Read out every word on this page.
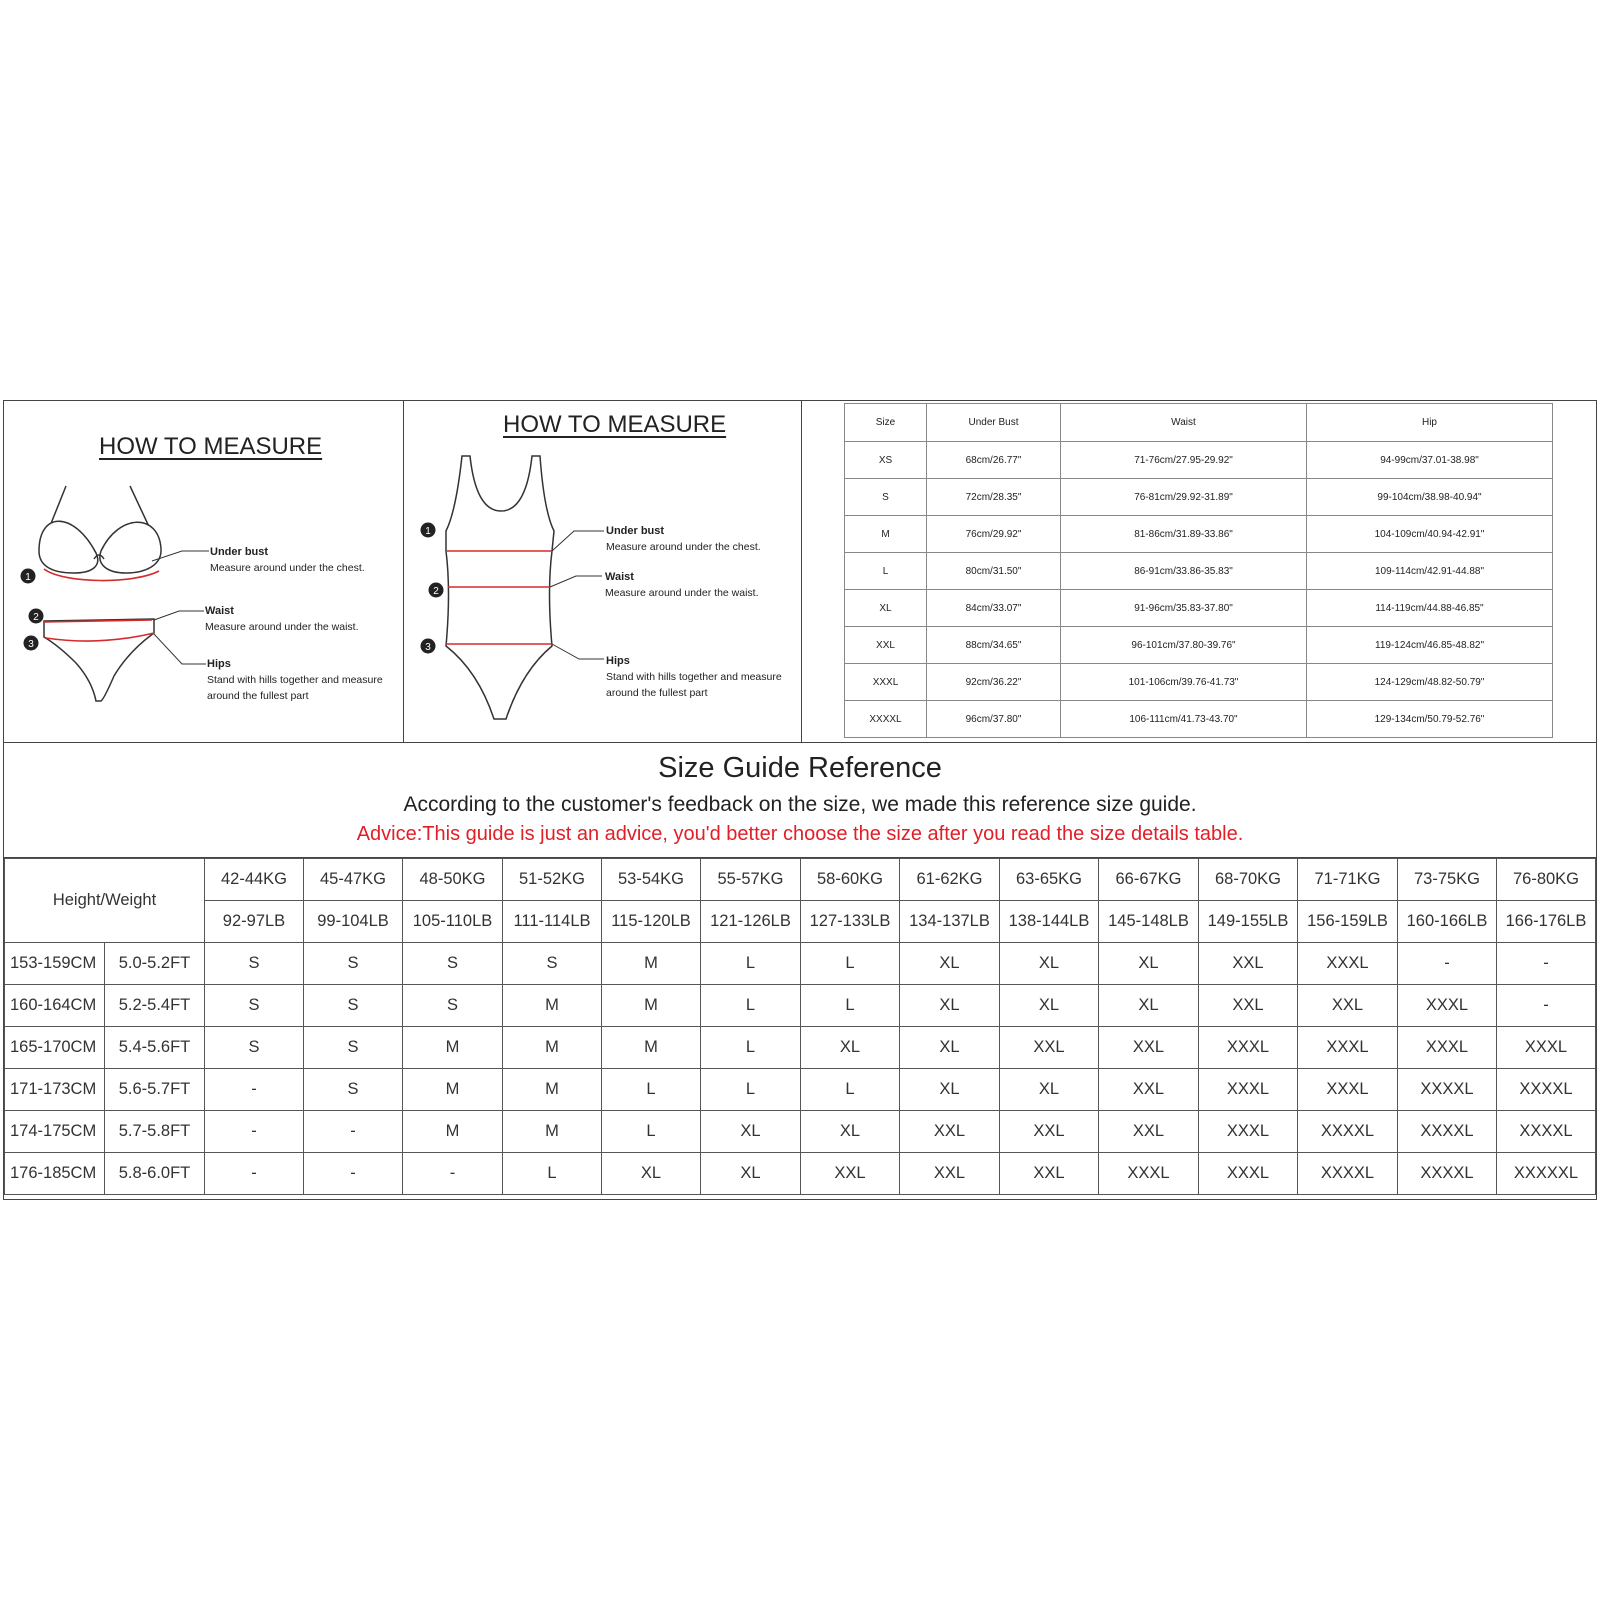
HOW TO MEASURE
1
2
3
Under bust
Measure around under the chest.
Waist
Measure around under the waist.
Hips
Stand with hills together and measure
around the fullest part
HOW TO MEASURE
1
2
3
Under bust
Measure around under the chest.
Waist
Measure around under the waist.
Hips
Stand with hills together and measure
around the fullest part
Size Guide Reference
According to the customer's feedback on the size, we made this reference size guide.
Advice:This guide is just an advice, you'd better choose the size after you read the size details table.
Height/Weight		42-44KG	45-47KG	48-50KG	51-52KG	53-54KG	55-57KG	58-60KG	61-62KG	63-65KG	66-67KG	68-70KG	71-71KG	73-75KG	76-80KG
		92-97LB	99-104LB	105-110LB	111-114LB	115-120LB	121-126LB	127-133LB	134-137LB	138-144LB	145-148LB	149-155LB	156-159LB	160-166LB	166-176LB
153-159CM	5.0-5.2FT	S	S	S	S	M	L	L	XL	XL	XL	XXL	XXXL	-	-
160-164CM	5.2-5.4FT	S	S	S	M	M	L	L	XL	XL	XL	XXL	XXL	XXXL	-
165-170CM	5.4-5.6FT	S	S	M	M	M	L	XL	XL	XXL	XXL	XXXL	XXXL	XXXL	XXXL
171-173CM	5.6-5.7FT	-	S	M	M	L	L	L	XL	XL	XXL	XXXL	XXXL	XXXXL	XXXXL
174-175CM	5.7-5.8FT	-	-	M	M	L	XL	XL	XXL	XXL	XXL	XXXL	XXXXL	XXXXL	XXXXL
176-185CM	5.8-6.0FT	-	-	-	L	XL	XL	XXL	XXL	XXL	XXXL	XXXL	XXXXL	XXXXL	XXXXXL
Size	Under Bust	Waist	Hip
XS	68cm/26.77"	71-76cm/27.95-29.92"	94-99cm/37.01-38.98"
S	72cm/28.35"	76-81cm/29.92-31.89"	99-104cm/38.98-40.94"
M	76cm/29.92"	81-86cm/31.89-33.86"	104-109cm/40.94-42.91"
L	80cm/31.50"	86-91cm/33.86-35.83"	109-114cm/42.91-44.88"
XL	84cm/33.07"	91-96cm/35.83-37.80"	114-119cm/44.88-46.85"
XXL	88cm/34.65"	96-101cm/37.80-39.76"	119-124cm/46.85-48.82"
XXXL	92cm/36.22"	101-106cm/39.76-41.73"	124-129cm/48.82-50.79"
XXXXL	96cm/37.80"	106-111cm/41.73-43.70"	129-134cm/50.79-52.76"
